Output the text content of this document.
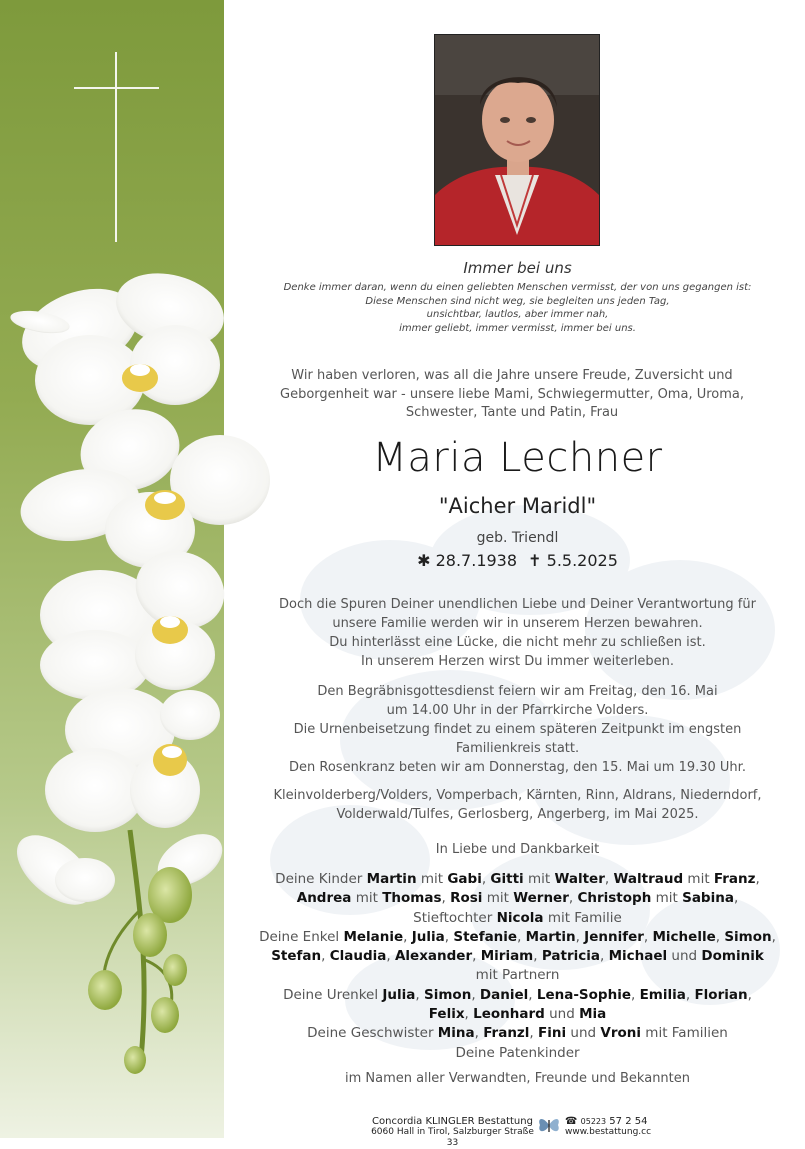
Immer bei uns
Denke immer daran, wenn du einen geliebten Menschen vermisst, der von uns gegangen ist:
Diese Menschen sind nicht weg, sie begleiten uns jeden Tag,
unsichtbar, lautlos, aber immer nah,
immer geliebt, immer vermisst, immer bei uns.
Wir haben verloren, was all die Jahre unsere Freude, Zuversicht und
Geborgenheit war - unsere liebe Mami, Schwiegermutter, Oma, Uroma,
Schwester, Tante und Patin, Frau
Maria Lechner
"Aicher Maridl"
geb. Triendl
✱ 28.7.1938 ✝ 5.5.2025
Doch die Spuren Deiner unendlichen Liebe und Deiner Verantwortung für
unsere Familie werden wir in unserem Herzen bewahren.
Du hinterlässt eine Lücke, die nicht mehr zu schließen ist.
In unserem Herzen wirst Du immer weiterleben.
Den Begräbnisgottesdienst feiern wir am Freitag, den 16. Mai
um 14.00 Uhr in der Pfarrkirche Volders.
Die Urnenbeisetzung findet zu einem späteren Zeitpunkt im engsten
Familienkreis statt.
Den Rosenkranz beten wir am Donnerstag, den 15. Mai um 19.30 Uhr.
Kleinvolderberg/Volders, Vomperbach, Kärnten, Rinn, Aldrans, Niederndorf,
Volderwald/Tulfes, Gerlosberg, Angerberg, im Mai 2025.
In Liebe und Dankbarkeit
Deine Kinder Martin mit Gabi, Gitti mit Walter, Waltraud mit Franz,
Andrea mit Thomas, Rosi mit Werner, Christoph mit Sabina,
Stieftochter Nicola mit Familie
Deine Enkel Melanie, Julia, Stefanie, Martin, Jennifer, Michelle, Simon,
Stefan, Claudia, Alexander, Miriam, Patricia, Michael und Dominik
mit Partnern
Deine Urenkel Julia, Simon, Daniel, Lena-Sophie, Emilia, Florian,
Felix, Leonhard und Mia
Deine Geschwister Mina, Franzl, Fini und Vroni mit Familien
Deine Patenkinder
im Namen aller Verwandten, Freunde und Bekannten
Concordia KLINGLER Bestattung
6060 Hall in Tirol, Salzburger Straße 33
☎ 05223 57 2 54
www.bestattung.cc
